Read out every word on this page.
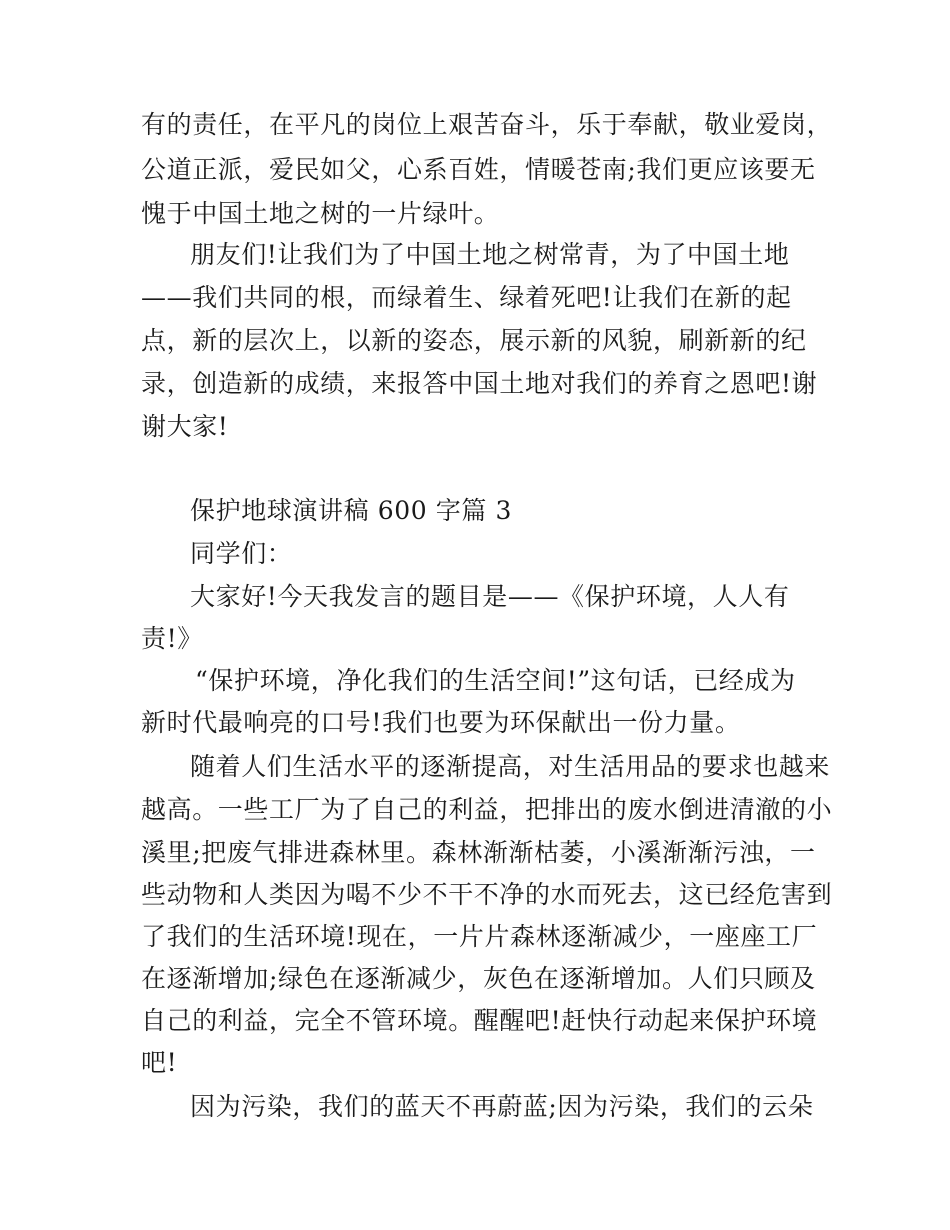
有的责任，在平凡的岗位上艰苦奋斗，乐于奉献，敬业爱岗，
公道正派，爱民如父，心系百姓，情暖苍南;我们更应该要无
愧于中国土地之树的一片绿叶。
朋友们!让我们为了中国土地之树常青，为了中国土地
——我们共同的根，而绿着生、绿着死吧!让我们在新的起
点，新的层次上，以新的姿态，展示新的风貌，刷新新的纪
录，创造新的成绩，来报答中国土地对我们的养育之恩吧!谢
谢大家!
保护地球演讲稿 600 字篇 3
同学们：
大家好!今天我发言的题目是——《保护环境，人人有
责!》
“保护环境，净化我们的生活空间!”这句话，已经成为
新时代最响亮的口号!我们也要为环保献出一份力量。
随着人们生活水平的逐渐提高，对生活用品的要求也越来
越高。一些工厂为了自己的利益，把排出的废水倒进清澈的小
溪里;把废气排进森林里。森林渐渐枯萎，小溪渐渐污浊，一
些动物和人类因为喝不少不干不净的水而死去，这已经危害到
了我们的生活环境!现在，一片片森林逐渐减少，一座座工厂
在逐渐增加;绿色在逐渐减少，灰色在逐渐增加。人们只顾及
自己的利益，完全不管环境。醒醒吧!赶快行动起来保护环境
吧!
因为污染，我们的蓝天不再蔚蓝;因为污染，我们的云朵
